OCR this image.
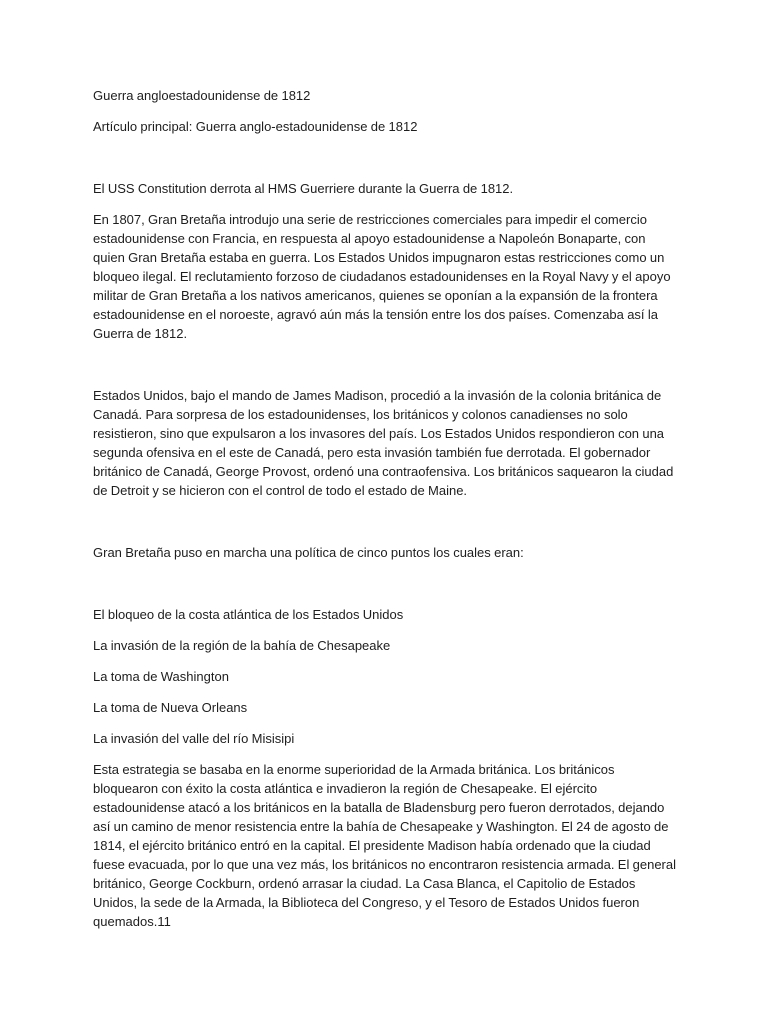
Guerra angloestadounidense de 1812

Artículo principal: Guerra anglo-estadounidense de 1812

El USS Constitution derrota al HMS Guerriere durante la Guerra de 1812.

En 1807, Gran Bretaña introdujo una serie de restricciones comerciales para impedir el comercio estadounidense con Francia, en respuesta al apoyo estadounidense a Napoleón Bonaparte, con quien Gran Bretaña estaba en guerra. Los Estados Unidos impugnaron estas restricciones como un bloqueo ilegal. El reclutamiento forzoso de ciudadanos estadounidenses en la Royal Navy y el apoyo militar de Gran Bretaña a los nativos americanos, quienes se oponían a la expansión de la frontera estadounidense en el noroeste, agravó aún más la tensión entre los dos países. Comenzaba así la Guerra de 1812.

Estados Unidos, bajo el mando de James Madison, procedió a la invasión de la colonia británica de Canadá. Para sorpresa de los estadounidenses, los británicos y colonos canadienses no solo resistieron, sino que expulsaron a los invasores del país. Los Estados Unidos respondieron con una segunda ofensiva en el este de Canadá, pero esta invasión también fue derrotada. El gobernador británico de Canadá, George Provost, ordenó una contraofensiva. Los británicos saquearon la ciudad de Detroit y se hicieron con el control de todo el estado de Maine.

Gran Bretaña puso en marcha una política de cinco puntos los cuales eran:

El bloqueo de la costa atlántica de los Estados Unidos

La invasión de la región de la bahía de Chesapeake

La toma de Washington

La toma de Nueva Orleans

La invasión del valle del río Misisipi

Esta estrategia se basaba en la enorme superioridad de la Armada británica. Los británicos bloquearon con éxito la costa atlántica e invadieron la región de Chesapeake. El ejército estadounidense atacó a los británicos en la batalla de Bladensburg pero fueron derrotados, dejando así un camino de menor resistencia entre la bahía de Chesapeake y Washington. El 24 de agosto de 1814, el ejército británico entró en la capital. El presidente Madison había ordenado que la ciudad fuese evacuada, por lo que una vez más, los británicos no encontraron resistencia armada. El general británico, George Cockburn, ordenó arrasar la ciudad. La Casa Blanca, el Capitolio de Estados Unidos, la sede de la Armada, la Biblioteca del Congreso, y el Tesoro de Estados Unidos fueron quemados.11
